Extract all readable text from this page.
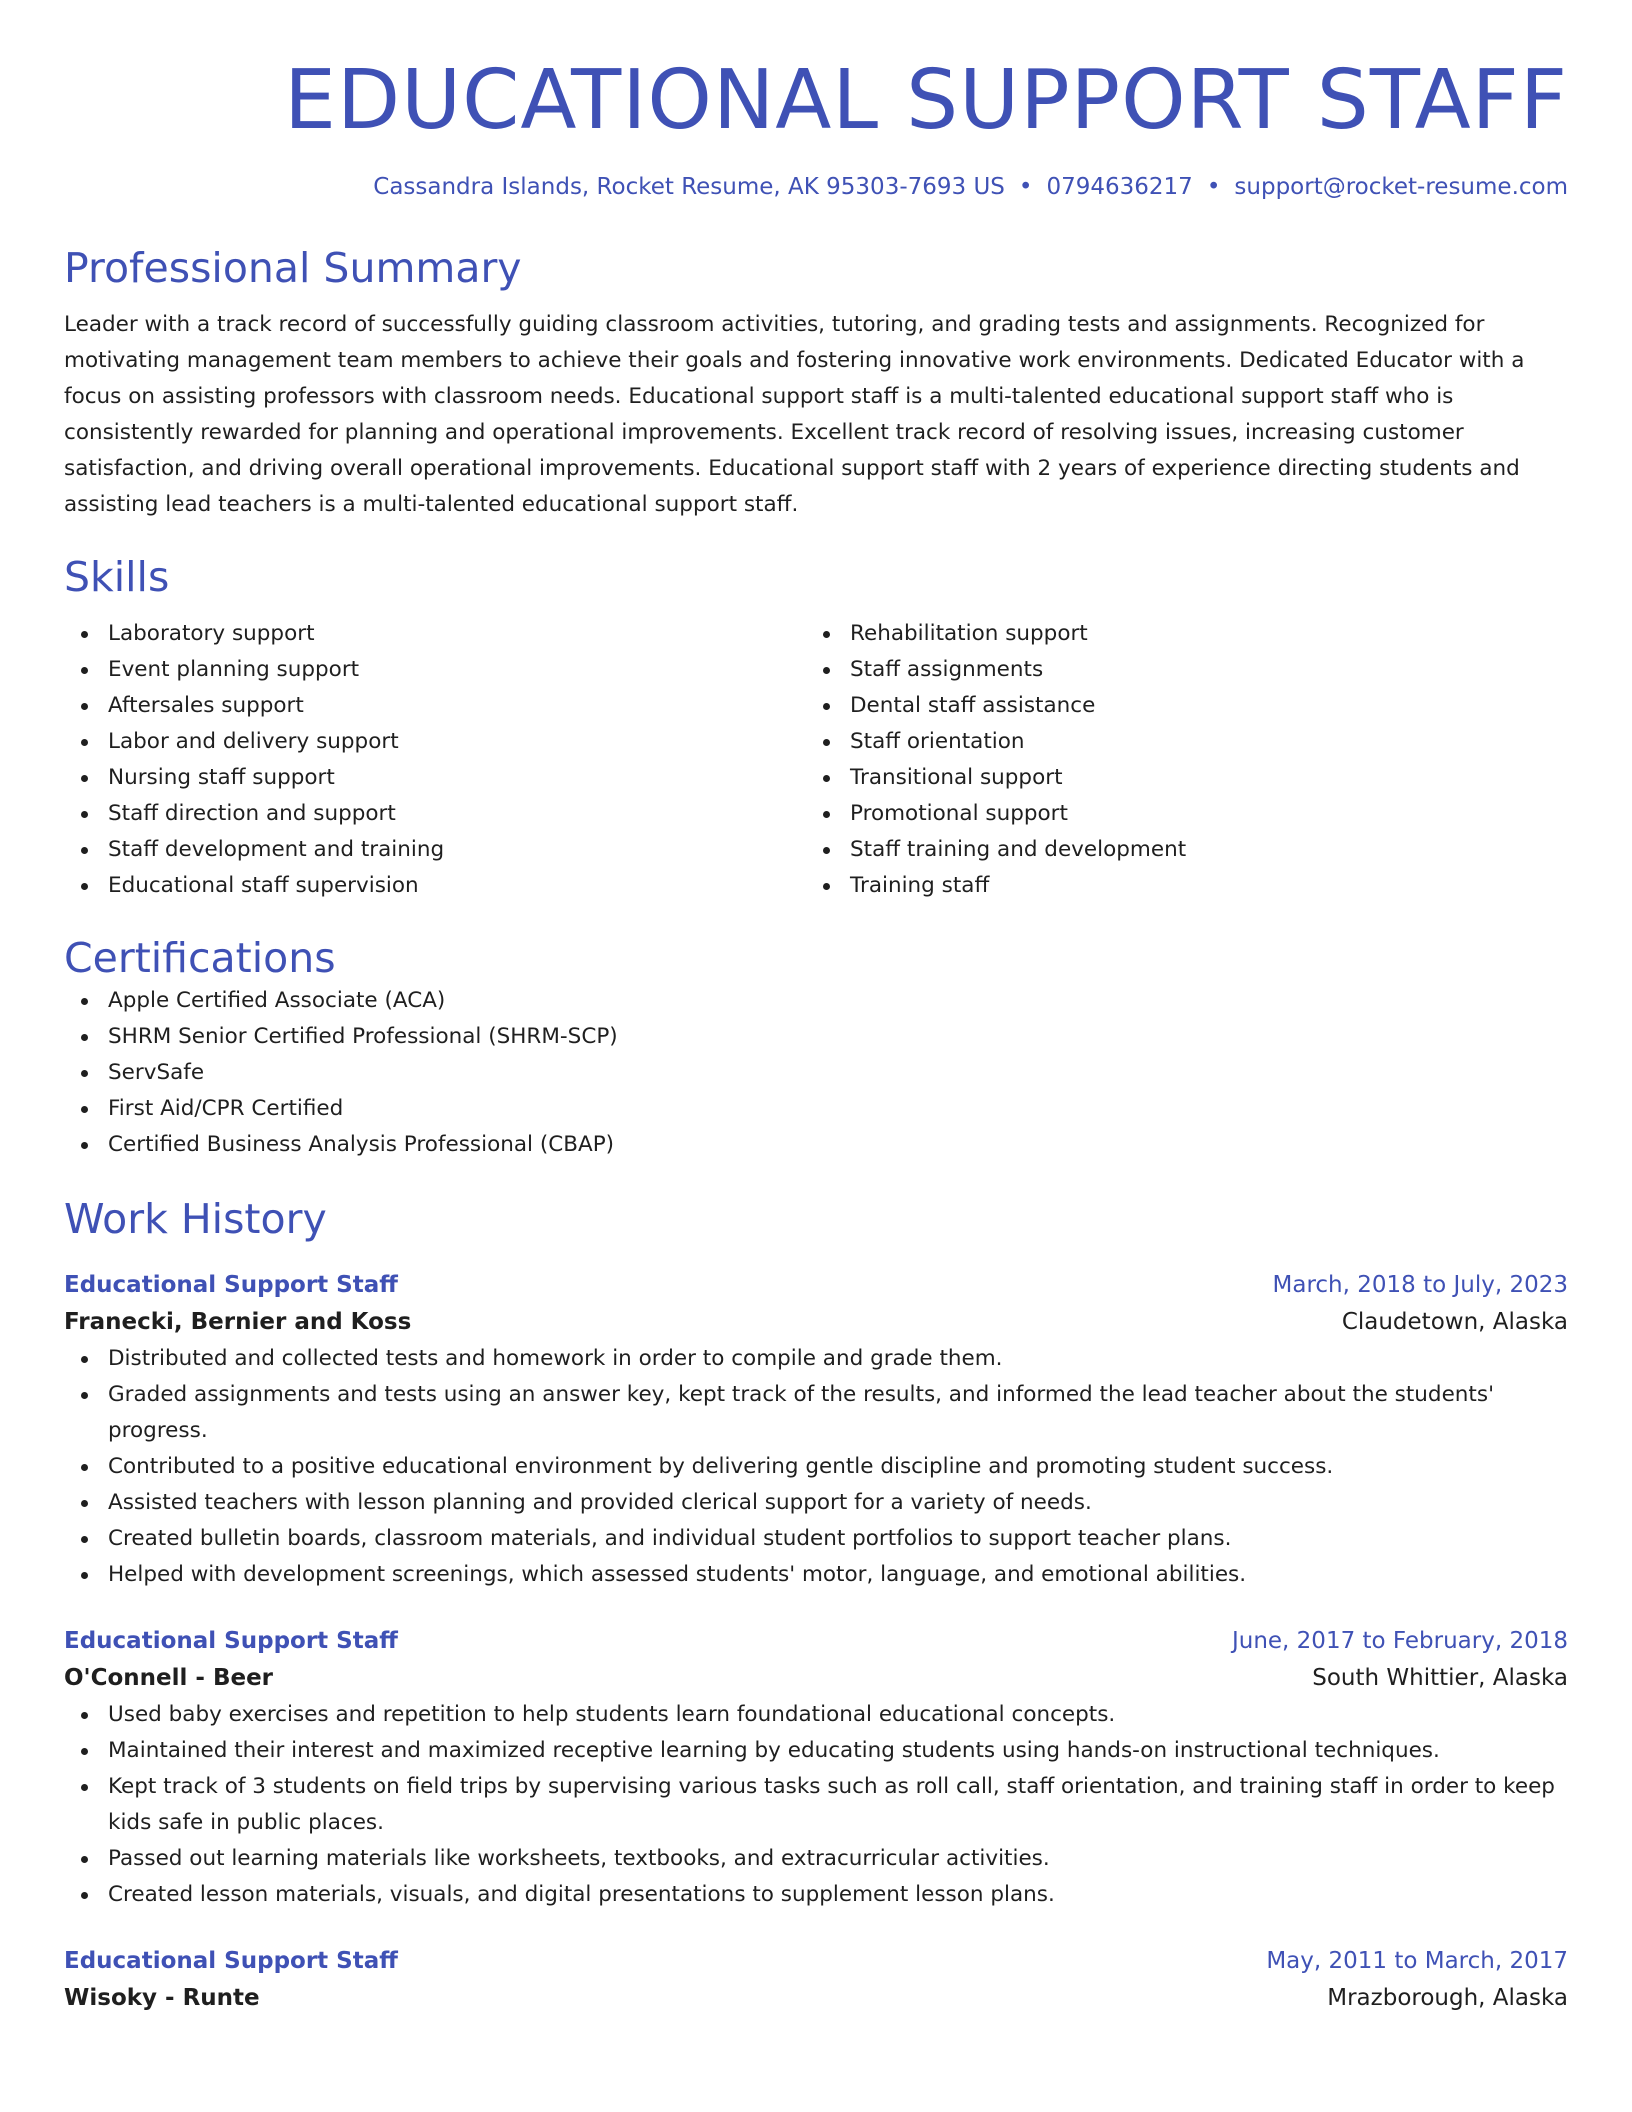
EDUCATIONAL SUPPORT STAFF
Cassandra Islands, Rocket Resume, AK 95303-7693 US • 0794636217 • support@rocket-resume.com
Professional Summary
Leader with a track record of successfully guiding classroom activities, tutoring, and grading tests and assignments. Recognized for motivating management team members to achieve their goals and fostering innovative work environments. Dedicated Educator with a focus on assisting professors with classroom needs. Educational support staff is a multi-talented educational support staff who is consistently rewarded for planning and operational improvements. Excellent track record of resolving issues, increasing customer satisfaction, and driving overall operational improvements. Educational support staff with 2 years of experience directing students and assisting lead teachers is a multi-talented educational support staff.
Skills
Laboratory support
Event planning support
Aftersales support
Labor and delivery support
Nursing staff support
Staff direction and support
Staff development and training
Educational staff supervision
Rehabilitation support
Staff assignments
Dental staff assistance
Staff orientation
Transitional support
Promotional support
Staff training and development
Training staff
Certifications
Apple Certified Associate (ACA)
SHRM Senior Certified Professional (SHRM-SCP)
ServSafe
First Aid/CPR Certified
Certified Business Analysis Professional (CBAP)
Work History
Educational Support Staff	March, 2018 to July, 2023
Franecki, Bernier and Koss	Claudetown, Alaska
Distributed and collected tests and homework in order to compile and grade them.
Graded assignments and tests using an answer key, kept track of the results, and informed the lead teacher about the students' progress.
Contributed to a positive educational environment by delivering gentle discipline and promoting student success.
Assisted teachers with lesson planning and provided clerical support for a variety of needs.
Created bulletin boards, classroom materials, and individual student portfolios to support teacher plans.
Helped with development screenings, which assessed students' motor, language, and emotional abilities.
Educational Support Staff	June, 2017 to February, 2018
O'Connell - Beer	South Whittier, Alaska
Used baby exercises and repetition to help students learn foundational educational concepts.
Maintained their interest and maximized receptive learning by educating students using hands-on instructional techniques.
Kept track of 3 students on field trips by supervising various tasks such as roll call, staff orientation, and training staff in order to keep kids safe in public places.
Passed out learning materials like worksheets, textbooks, and extracurricular activities.
Created lesson materials, visuals, and digital presentations to supplement lesson plans.
Educational Support Staff	May, 2011 to March, 2017
Wisoky - Runte	Mrazborough, Alaska
